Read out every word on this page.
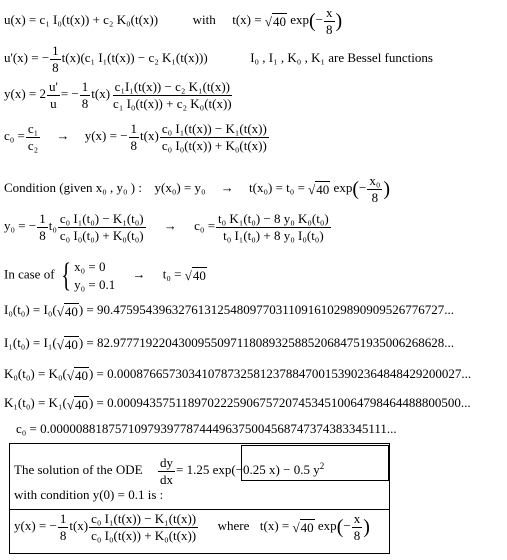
u(x) = c₁ I₀(t(x)) + c₂ K₀(t(x))	with t(x) = √40 $\exp(- \frac{x}{8}$ )
u'(x) = − $\frac{1}{8} t(x)(c_1$ I₁(t(x)) − c₂ K₁(t(x)))	I₀ , I₁ , K₀ , K₁ are Bessel functions
$y(x) = 2 \frac{u'}{u}$ = − $\frac{1}{8} t(x) \frac{\text{c₁I₁(t(x)) − c₂ K₁(t(x))}}{\text{c₁ I₀(t(x)) + c₂ K₀(t(x))}}$
$c_0 = \frac{\text{c₁}}{\text{c₂}} \to y(x)$ = − $\frac{1}{8} t(x) \frac{\text{c₀ I₁(t(x)) − K₁(t(x))}}{\text{c₀ I₀(t(x)) + K₀(t(x))}}$
Condition (given x₀ , y₀ ) : y(x₀) = y₀ → t(x₀) = t₀ = √40 $\exp(- \frac{\text{x₀}}{8}$ )
y₀ = − $\frac{1}{8} t_0 \frac{\text{c₀ I₁(t₀) − K₁(t₀)}}{\text{c₀ I₀(t₀) + K₀(t₀)}} \to c_0 = \frac{\text{t₀ K₁(t₀) − 8 y₀ K₀(t₀)}}{\text{t₀ I₁(t₀) + 8 y₀ I₀(t₀)}}$
In case of { x₀ = 0
y₀ = 0.1
→ t₀ = √40
I₀(t₀) = I₀(√40) = 90.475954396327613125480977031109161029890909526776727...
I₁(t₀) = I₁(√40) = 82.977719220430095509711808932588520684751935006268628...
K₀(t₀) = K₀(√40) = 0.00087665730341078732581237884700153902364848429200027...
K₁(t₀) = K₁(√40) = 0.00094357511897022259067572074534510064798464488800500...
c₀ = 0.0000088187571097939778744496375004568747374383345111...
The solution of the ODE $\frac{dy}{dx} = 1.25$ exp(−0.25 x) − 0.5 $y^2$
with condition y(0) = 0.1 is :
y(x) = − $\frac{1}{8} t(x) \frac{\text{c₀ I₁(t(x)) − K₁(t(x))}}{\text{c₀ I₀(t(x)) + K₀(t(x))}}$ where t(x) = √40 $\exp(- \frac{x}{8}$ )
